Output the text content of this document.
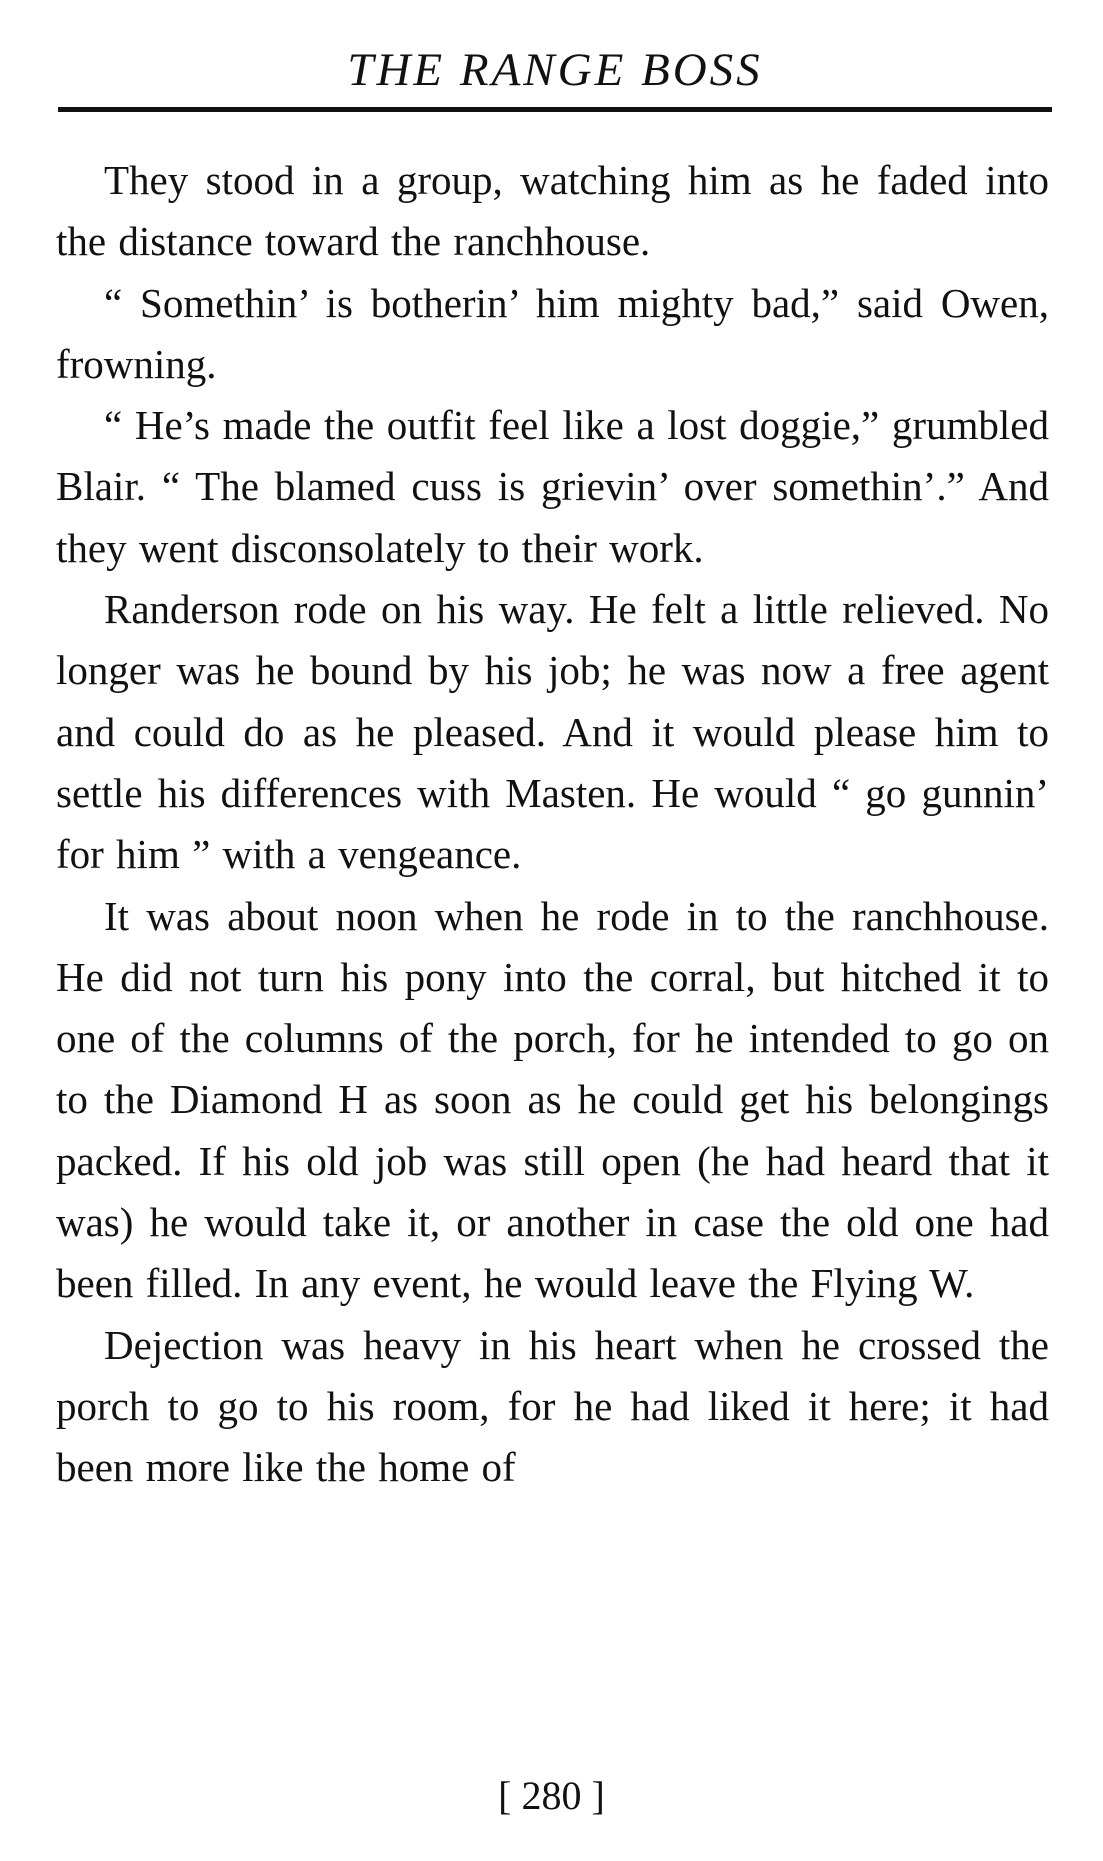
THE RANGE BOSS

They stood in a group, watching him as he faded into the distance toward the ranchhouse.

“ Somethin’ is botherin’ him mighty bad,” said Owen, frowning.

“ He’s made the outfit feel like a lost doggie,” grumbled Blair. “ The blamed cuss is grievin’ over somethin’.” And they went disconsolately to their work.

Randerson rode on his way. He felt a little relieved. No longer was he bound by his job; he was now a free agent and could do as he pleased. And it would please him to settle his differences with Masten. He would “ go gunnin’ for him ” with a vengeance.

It was about noon when he rode in to the ranchhouse. He did not turn his pony into the corral, but hitched it to one of the columns of the porch, for he intended to go on to the Diamond H as soon as he could get his belongings packed. If his old job was still open (he had heard that it was) he would take it, or another in case the old one had been filled. In any event, he would leave the Flying W.

Dejection was heavy in his heart when he crossed the porch to go to his room, for he had liked it here; it had been more like the home of

[ 280 ]
